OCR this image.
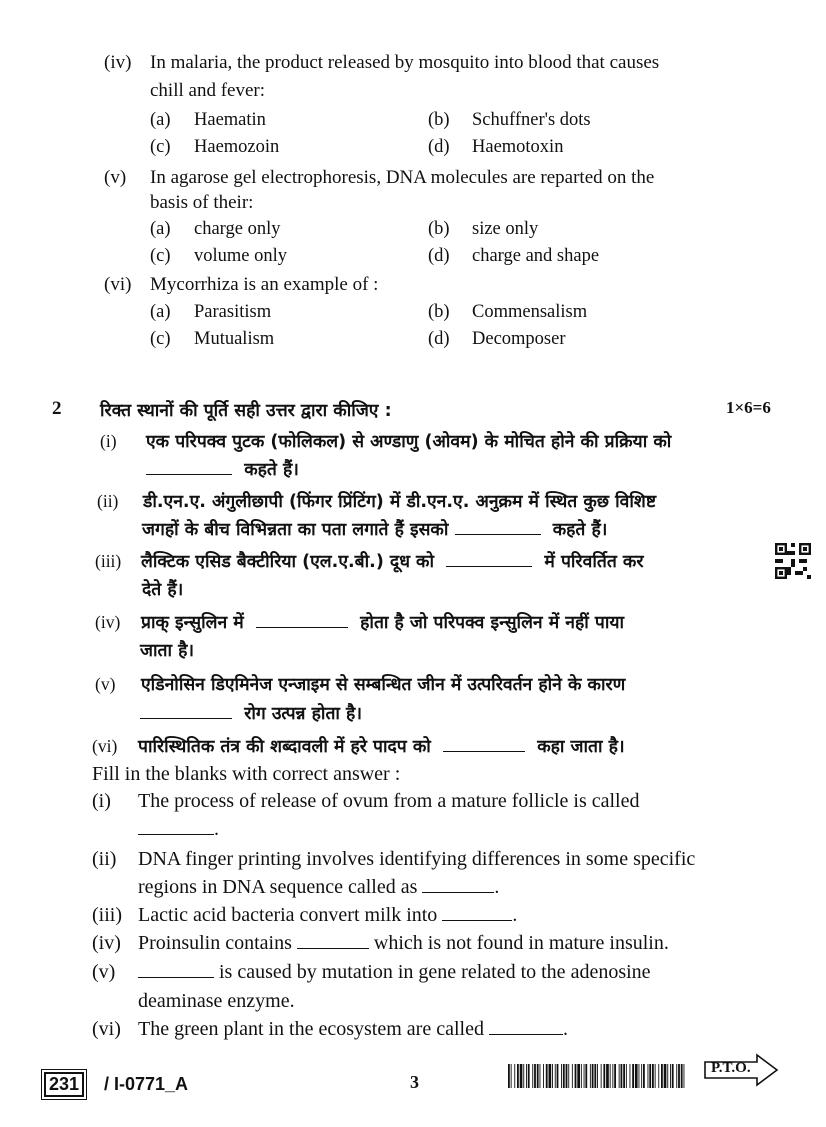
(iv) In malaria, the product released by mosquito into blood that causes
chill and fever:
(a) Haematin	(b) Schuffner's dots
(c) Haemozoin	(d) Haemotoxin
(v) In agarose gel electrophoresis, DNA molecules are reparted on the
basis of their:
(a) charge only	(b) size only
(c) volume only	(d) charge and shape
(vi) Mycorrhiza is an example of :
(a) Parasitism	(b) Commensalism
(c) Mutualism	(d) Decomposer
2 रिक्त स्थानों की पूर्ति सही उत्तर द्वारा कीजिए :	1×6=6
(i) एक परिपक्व पुटक (फोलिकल) से अण्डाणु (ओवम) के मोचित होने की प्रक्रिया को
कहते हैं।
(ii) डी.एन.ए. अंगुलीछापी (फिंगर प्रिंटिंग) में डी.एन.ए. अनुक्रम में स्थित कुछ विशिष्ट
जगहों के बीच विभिन्नता का पता लगाते हैं इसको	कहते हैं।
(iii) लैक्टिक एसिड बैक्टीरिया (एल.ए.बी.) दूध को	में परिवर्तित कर
देते हैं।
(iv) प्राक् इन्सुलिन में	होता है जो परिपक्व इन्सुलिन में नहीं पाया
जाता है।
(v) एडिनोसिन डिएमिनेज एन्जाइम से सम्बन्धित जीन में उत्परिवर्तन होने के कारण
रोग उत्पन्न होता है।
(vi) पारिस्थितिक तंत्र की शब्दावली में हरे पादप को	कहा जाता है।
Fill in the blanks with correct answer :
(i) The process of release of ovum from a mature follicle is called
.
(ii) DNA finger printing involves identifying differences in some specific
regions in DNA sequence called as	.
(iii) Lactic acid bacteria convert milk into	.
(iv) Proinsulin contains	which is not found in mature insulin.
(v)	is caused by mutation in gene related to the adenosine
deaminase enzyme.
(vi) The green plant in the ecosystem are called	.
231 / I-0771_A	3
P.T.O.
